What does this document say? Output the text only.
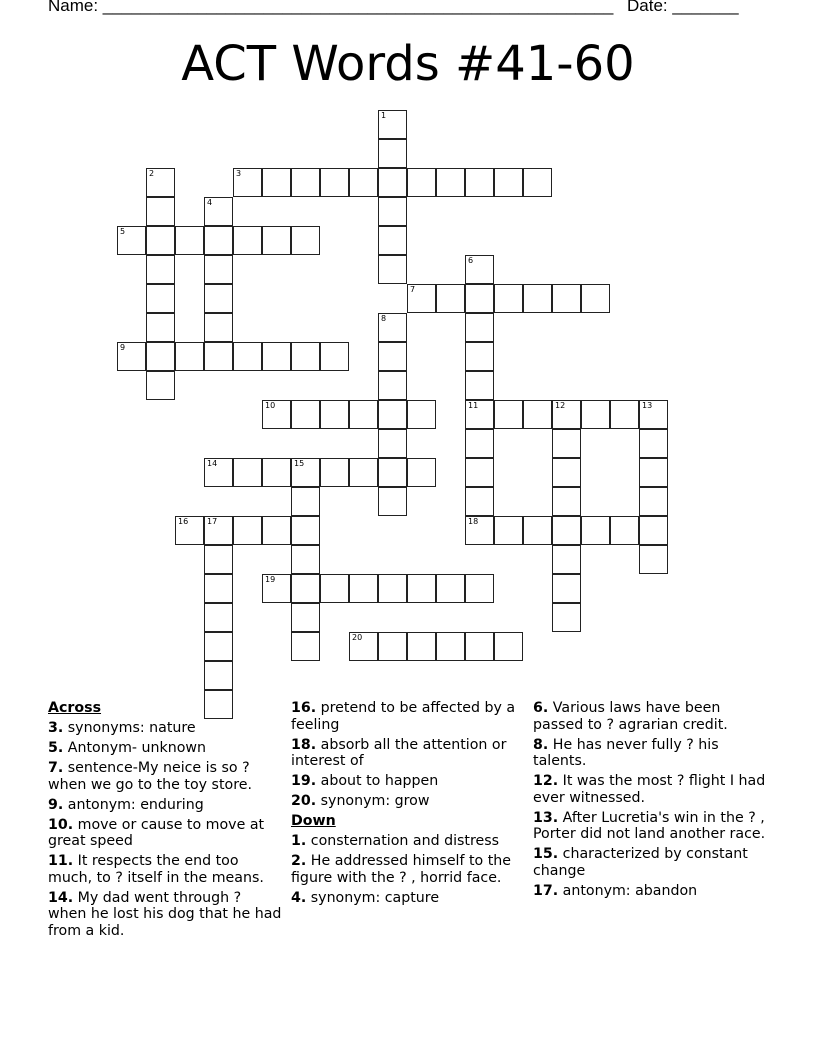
Name: ______________________________________________________ Date: _______
ACT Words #41-60
1
2	3
4
5
6
11
18
7
8
9
10	12	13
14	15
16 17
19
20
Across
3. synonyms: nature
5. Antonym- unknown
7. sentence-My neice is so ? when we go to the toy store.
9. antonym: enduring
10. move or cause to move at great speed
11. It respects the end too much, to ? itself in the means.
14. My dad went through ? when he lost his dog that he had from a kid.
16. pretend to be affected by a feeling
18. absorb all the attention or interest of
19. about to happen
20. synonym: grow
Down
1. consternation and distress
2. He addressed himself to the figure with the ? , horrid face.
4. synonym: capture
6. Various laws have been passed to ? agrarian credit.
8. He has never fully ? his talents.
12. It was the most ? flight I had ever witnessed.
13. After Lucretia's win in the ? , Porter did not land another race.
15. characterized by constant change
17. antonym: abandon
